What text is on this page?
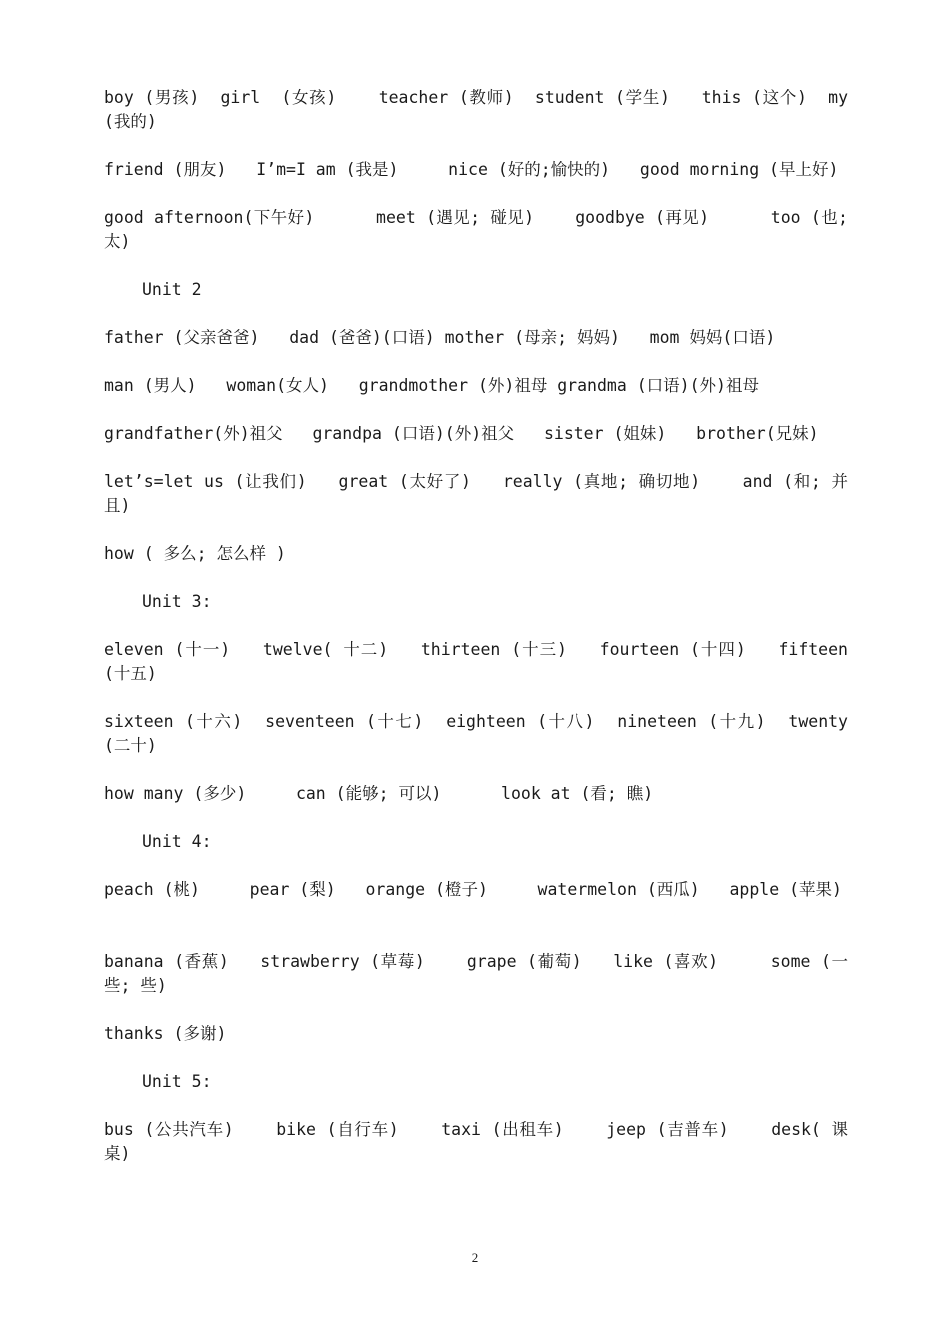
boy (男孩)  girl  (女孩)    teacher (教师)  student (学生)   this (这个)  my (我的)

friend (朋友)   I’m=I am (我是)     nice (好的;愉快的)   good morning (早上好)

good afternoon(下午好)      meet (遇见; 碰见)    goodbye (再见)      too (也;太)

Unit 2

father (父亲爸爸)   dad (爸爸)(口语) mother (母亲; 妈妈)   mom 妈妈(口语)

man (男人)   woman(女人)   grandmother (外)祖母 grandma (口语)(外)祖母

grandfather(外)祖父   grandpa (口语)(外)祖父   sister (姐妹)   brother(兄妹)

let’s=let us (让我们)   great (太好了)   really (真地; 确切地)    and (和; 并且)

how ( 多么; 怎么样 )

Unit 3:

eleven (十一)   twelve( 十二)   thirteen (十三)   fourteen (十四)   fifteen (十五)

sixteen (十六)  seventeen (十七)  eighteen (十八)  nineteen (十九)  twenty (二十)

how many (多少)     can (能够; 可以)      look at (看; 瞧)

Unit 4:

peach (桃)     pear (梨)   orange (橙子)     watermelon (西瓜)   apple (苹果)

banana (香蕉)   strawberry (草莓)    grape (葡萄)   like (喜欢)     some (一些; 些)

thanks (多谢)

Unit 5:

bus (公共汽车)    bike (自行车)    taxi (出租车)    jeep (吉普车)    desk( 课桌)

2
